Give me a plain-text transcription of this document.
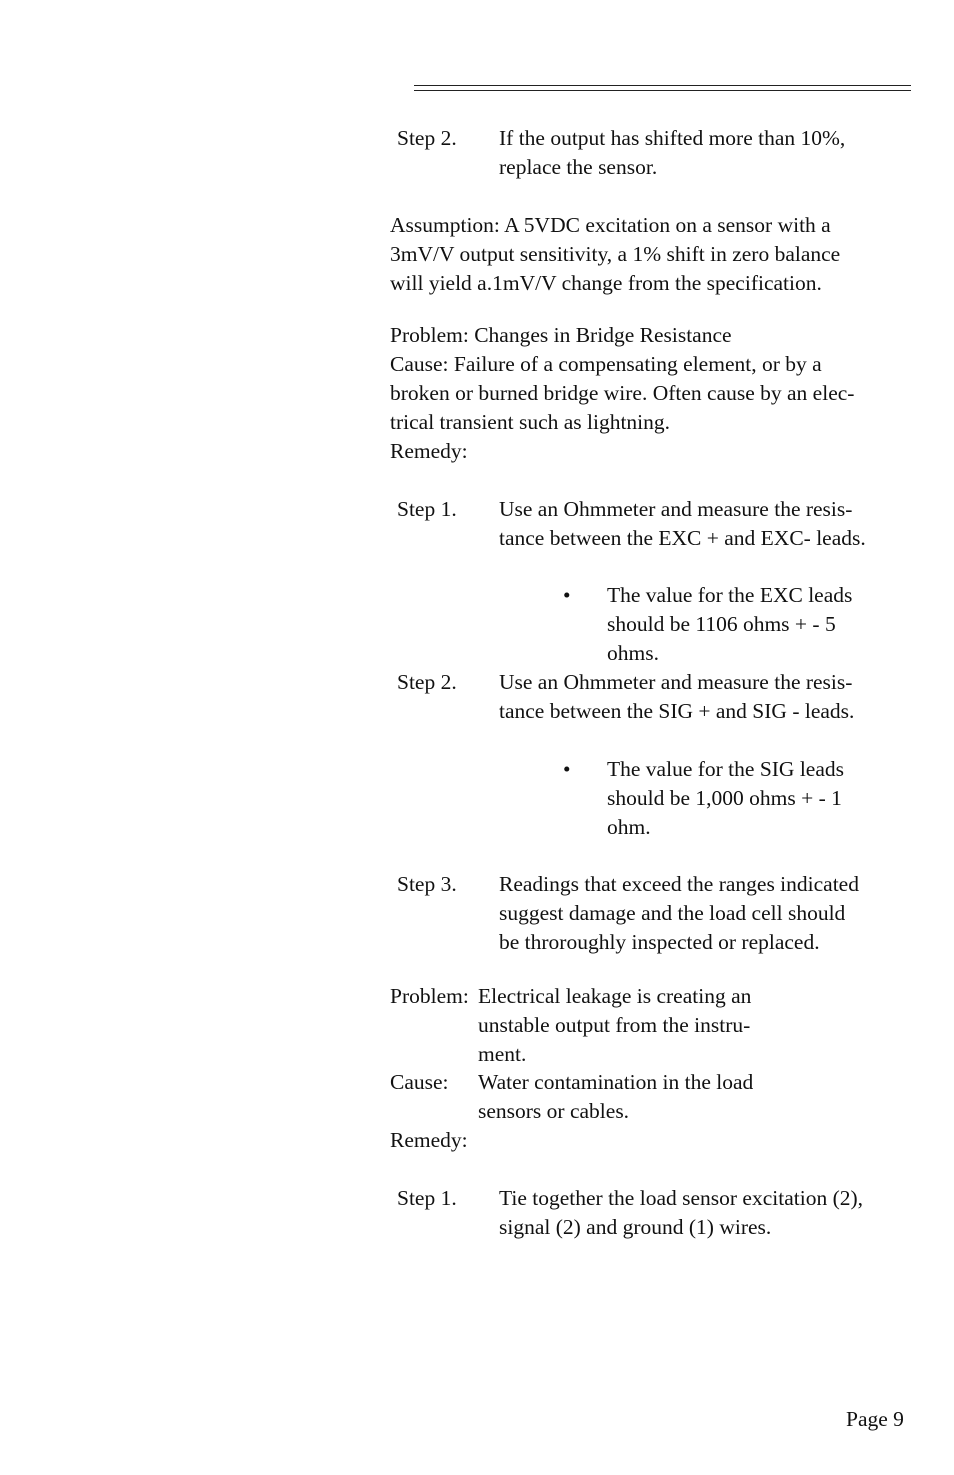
Step 2. If the output has shifted more than 10%,
replace the sensor.
Assumption: A 5VDC excitation on a sensor with a
3mV/V output sensitivity, a 1% shift in zero balance
will yield a.1mV/V change from the specification.
Problem: Changes in Bridge Resistance
Cause: Failure of a compensating element, or by a
broken or burned bridge wire. Often cause by an elec-
trical transient such as lightning.
Remedy:
Step 1. Use an Ohmmeter and measure the resis-
tance between the EXC + and EXC- leads.
• The value for the EXC leads
should be 1106 ohms + - 5
ohms.
Step 2. Use an Ohmmeter and measure the resis-
tance between the SIG + and SIG - leads.
• The value for the SIG leads
should be 1,000 ohms + - 1
ohm.
Step 3. Readings that exceed the ranges indicated
suggest damage and the load cell should
be throroughly inspected or replaced.
Problem: Electrical leakage is creating an
unstable output from the instru-
ment.
Cause: Water contamination in the load
sensors or cables.
Remedy:
Step 1. Tie together the load sensor excitation (2),
signal (2) and ground (1) wires.
Page 9
